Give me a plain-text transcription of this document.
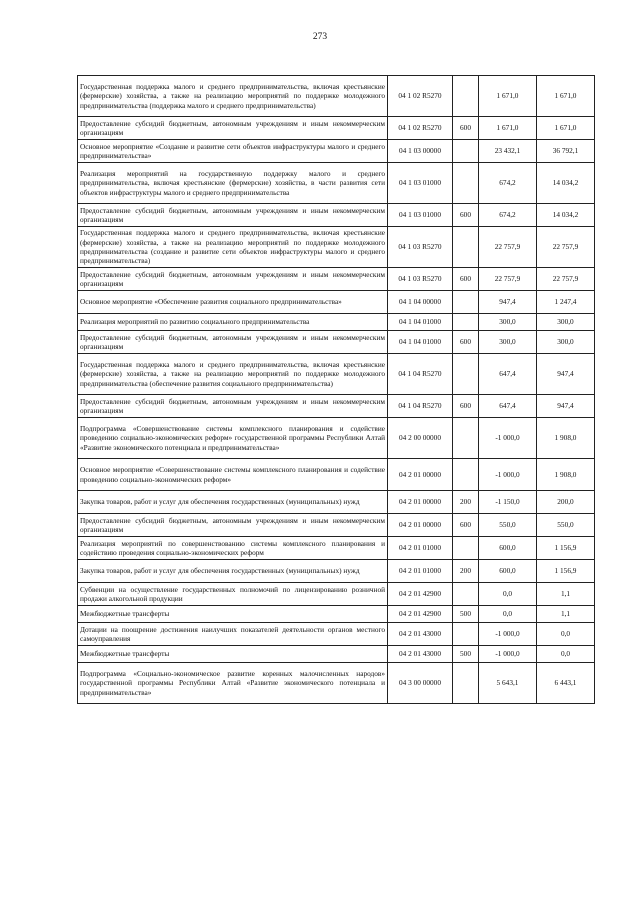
273
Государственная поддержка малого и среднего предпринимательства, включая крестьянские (фермерские) хозяйства, а также на реализацию мероприятий по поддержке молодежного предпринимательства (поддержка малого и среднего предпринимательства)	04 1 02 R5270		1 671,0	1 671,0
Предоставление субсидий бюджетным, автономным учреждениям и иным некоммерческим организациям	04 1 02 R5270	600	1 671,0	1 671,0
Основное мероприятие «Создание и развитие сети объектов инфраструктуры малого и среднего предпринимательства»	04 1 03 00000		23 432,1	36 792,1
Реализация мероприятий на государственную поддержку малого и среднего предпринимательства, включая крестьянские (фермерские) хозяйства, в части развития сети объектов инфраструктуры малого и среднего предпринимательства	04 1 03 01000		674,2	14 034,2
Предоставление субсидий бюджетным, автономным учреждениям и иным некоммерческим организациям	04 1 03 01000	600	674,2	14 034,2
Государственная поддержка малого и среднего предпринимательства, включая крестьянские (фермерские) хозяйства, а также на реализацию мероприятий по поддержке молодежного предпринимательства (создание и развитие сети объектов инфраструктуры малого и среднего предпринимательства)	04 1 03 R5270		22 757,9	22 757,9
Предоставление субсидий бюджетным, автономным учреждениям и иным некоммерческим организациям	04 1 03 R5270	600	22 757,9	22 757,9
Основное мероприятие «Обеспечение развития социального предпринимательства»	04 1 04 00000		947,4	1 247,4
Реализация мероприятий по развитию социального предпринимательства	04 1 04 01000		300,0	300,0
Предоставление субсидий бюджетным, автономным учреждениям и иным некоммерческим организациям	04 1 04 01000	600	300,0	300,0
Государственная поддержка малого и среднего предпринимательства, включая крестьянские (фермерские) хозяйства, а также на реализацию мероприятий по поддержке молодежного предпринимательства (обеспечение развития социального предпринимательства)	04 1 04 R5270		647,4	947,4
Предоставление субсидий бюджетным, автономным учреждениям и иным некоммерческим организациям	04 1 04 R5270	600	647,4	947,4
Подпрограмма «Совершенствование системы комплексного планирования и содействие проведению социально-экономических реформ» государственной программы Республики Алтай «Развитие экономического потенциала и предпринимательства»	04 2 00 00000		-1 000,0	1 908,0
Основное мероприятие «Совершенствование системы комплексного планирования и содействие проведению социально-экономических реформ»	04 2 01 00000		-1 000,0	1 908,0
Закупка товаров, работ и услуг для обеспечения государственных (муниципальных) нужд	04 2 01 00000	200	-1 150,0	200,0
Предоставление субсидий бюджетным, автономным учреждениям и иным некоммерческим организациям	04 2 01 00000	600	550,0	550,0
Реализация мероприятий по совершенствованию системы комплексного планирования и содействию проведения социально-экономических реформ	04 2 01 01000		600,0	1 156,9
Закупка товаров, работ и услуг для обеспечения государственных (муниципальных) нужд	04 2 01 01000	200	600,0	1 156,9
Субвенции на осуществление государственных полномочий по лицензированию розничной продажи алкогольной продукции	04 2 01 42900		0,0	1,1
Межбюджетные трансферты	04 2 01 42900	500	0,0	1,1
Дотации на поощрение достижения наилучших показателей деятельности органов местного самоуправления	04 2 01 43000		-1 000,0	0,0
Межбюджетные трансферты	04 2 01 43000	500	-1 000,0	0,0
Подпрограмма «Социально-экономическое развитие коренных малочисленных народов» государственной программы Республики Алтай «Развитие экономического потенциала и предпринимательства»	04 3 00 00000		5 643,1	6 443,1
